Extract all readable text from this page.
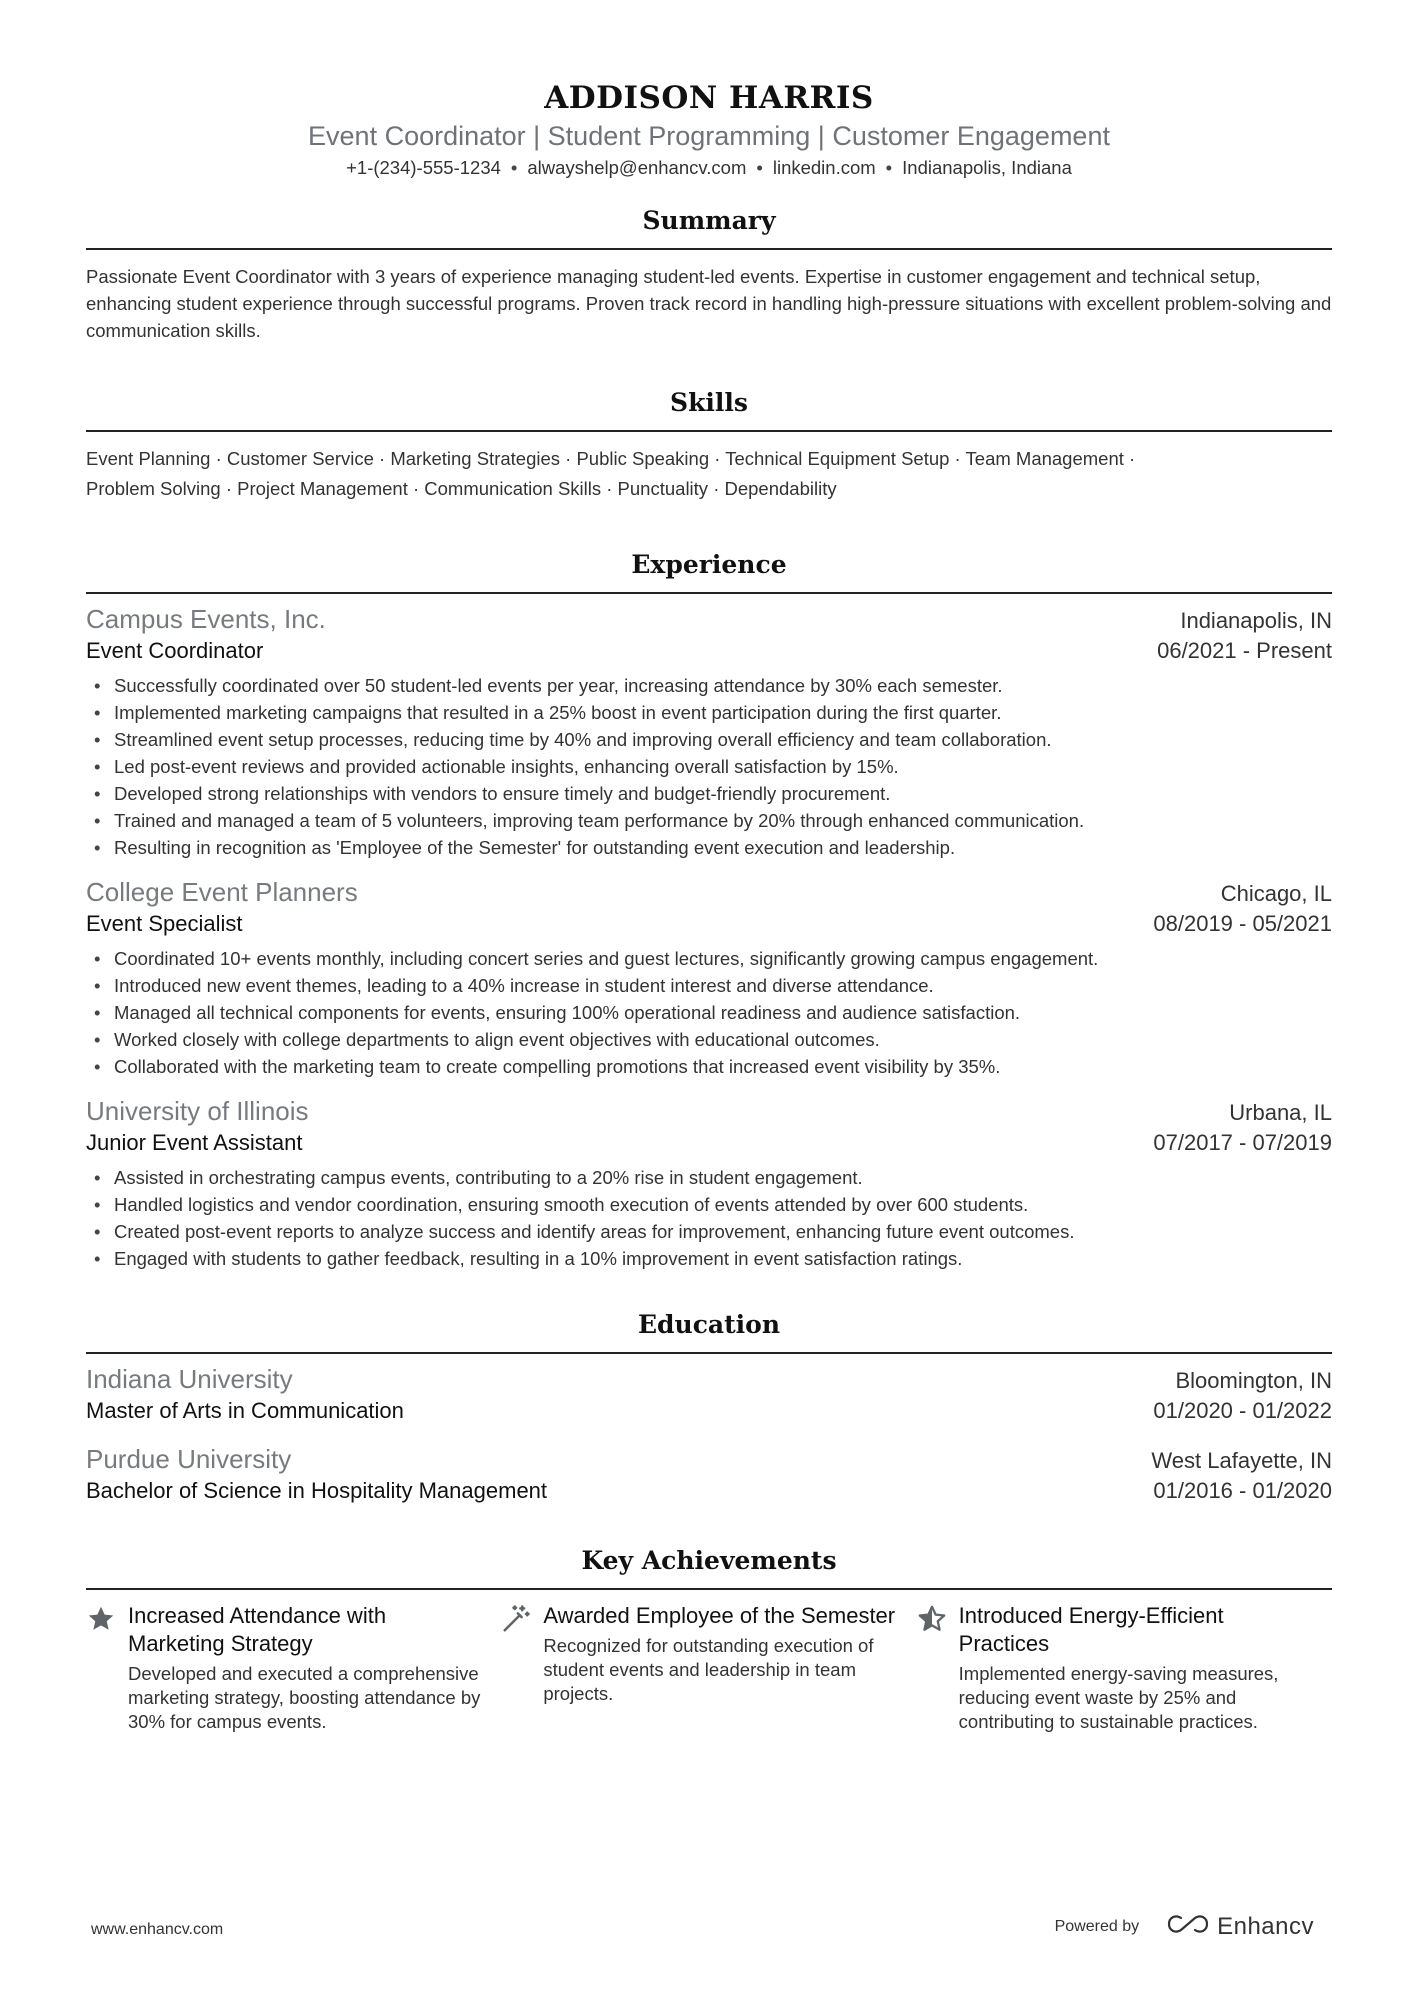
ADDISON HARRIS
Event Coordinator | Student Programming | Customer Engagement
+1-(234)-555-1234 • alwayshelp@enhancv.com • linkedin.com • Indianapolis, Indiana
Summary
Passionate Event Coordinator with 3 years of experience managing student-led events. Expertise in customer engagement and technical setup, enhancing student experience through successful programs. Proven track record in handling high-pressure situations with excellent problem-solving and communication skills.
Skills
Event Planning · Customer Service · Marketing Strategies · Public Speaking · Technical Equipment Setup · Team Management ·
Problem Solving · Project Management · Communication Skills · Punctuality · Dependability
Experience
Campus Events, Inc.	Indianapolis, IN
Event Coordinator	06/2021 - Present
• Successfully coordinated over 50 student-led events per year, increasing attendance by 30% each semester.
• Implemented marketing campaigns that resulted in a 25% boost in event participation during the first quarter.
• Streamlined event setup processes, reducing time by 40% and improving overall efficiency and team collaboration.
• Led post-event reviews and provided actionable insights, enhancing overall satisfaction by 15%.
• Developed strong relationships with vendors to ensure timely and budget-friendly procurement.
• Trained and managed a team of 5 volunteers, improving team performance by 20% through enhanced communication.
• Resulting in recognition as 'Employee of the Semester' for outstanding event execution and leadership.
College Event Planners	Chicago, IL
Event Specialist	08/2019 - 05/2021
• Coordinated 10+ events monthly, including concert series and guest lectures, significantly growing campus engagement.
• Introduced new event themes, leading to a 40% increase in student interest and diverse attendance.
• Managed all technical components for events, ensuring 100% operational readiness and audience satisfaction.
• Worked closely with college departments to align event objectives with educational outcomes.
• Collaborated with the marketing team to create compelling promotions that increased event visibility by 35%.
University of Illinois	Urbana, IL
Junior Event Assistant	07/2017 - 07/2019
• Assisted in orchestrating campus events, contributing to a 20% rise in student engagement.
• Handled logistics and vendor coordination, ensuring smooth execution of events attended by over 600 students.
• Created post-event reports to analyze success and identify areas for improvement, enhancing future event outcomes.
• Engaged with students to gather feedback, resulting in a 10% improvement in event satisfaction ratings.
Education
Indiana University	Bloomington, IN
Master of Arts in Communication	01/2020 - 01/2022
Purdue University	West Lafayette, IN
Bachelor of Science in Hospitality Management	01/2016 - 01/2020
Key Achievements
Increased Attendance with Marketing Strategy
Developed and executed a comprehensive marketing strategy, boosting attendance by 30% for campus events.
Awarded Employee of the Semester
Recognized for outstanding execution of student events and leadership in team projects.
Introduced Energy-Efficient Practices
Implemented energy-saving measures, reducing event waste by 25% and contributing to sustainable practices.
www.enhancv.com	Powered by	Enhancv
